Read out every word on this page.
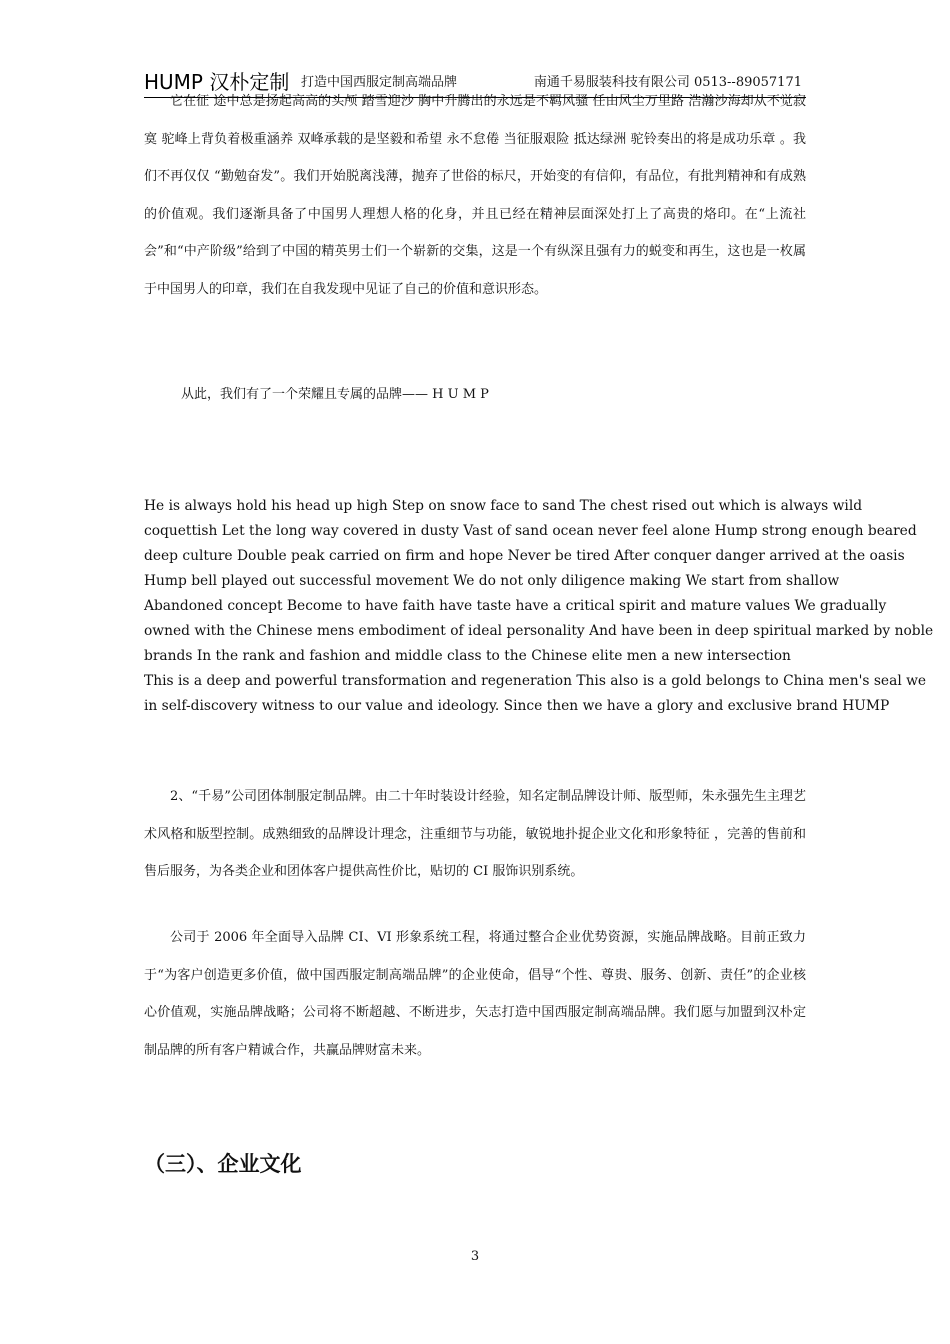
HUMP 汉朴定制 打造中国西服定制高端品牌	南通千易服装科技有限公司 0513--89057171

它在征 途中总是扬起高高的头颅 踏雪迎沙 胸中升腾出的永远是不羁风骚 任由风尘万里路 浩瀚沙海却从不觉寂寞 驼峰上背负着极重涵养 双峰承载的是坚毅和希望 永不怠倦 当征服艰险 抵达绿洲 驼铃奏出的将是成功乐章 。我们不再仅仅 “勤勉奋发”。我们开始脱离浅薄，抛弃了世俗的标尺，开始变的有信仰，有品位，有批判精神和有成熟的价值观。我们逐渐具备了中国男人理想人格的化身，并且已经在精神层面深处打上了高贵的烙印。在“上流社会”和“中产阶级”给到了中国的精英男士们一个崭新的交集，这是一个有纵深且强有力的蜕变和再生，这也是一枚属于中国男人的印章，我们在自我发现中见证了自己的价值和意识形态。

从此，我们有了一个荣耀且专属的品牌—— H U M P
He is always hold his head up high Step on snow face to sand The chest rised out which is always wild
coquettish Let the long way covered in dusty Vast of sand ocean never feel alone Hump strong enough beared
deep culture Double peak carried on firm and hope Never be tired After conquer danger arrived at the oasis
Hump bell played out successful movement We do not only diligence making We start from shallow
Abandoned concept Become to have faith have taste have a critical spirit and mature values We gradually
owned with the Chinese mens embodiment of ideal personality And have been in deep spiritual marked by noble
brands In the rank and fashion and middle class to the Chinese elite men a new intersection
This is a deep and powerful transformation and regeneration This also is a gold belongs to China men's seal we
in self-discovery witness to our value and ideology. Since then we have a glory and exclusive brand HUMP

2、“千易”公司团体制服定制品牌。由二十年时装设计经验，知名定制品牌设计师、版型师，朱永强先生主理艺术风格和版型控制。成熟细致的品牌设计理念，注重细节与功能，敏锐地扑捉企业文化和形象特征 ，完善的售前和售后服务，为各类企业和团体客户提供高性价比，贴切的 CI 服饰识别系统。

公司于 2006 年全面导入品牌 CI、VI 形象系统工程，将通过整合企业优势资源，实施品牌战略。目前正致力于“为客户创造更多价值，做中国西服定制高端品牌”的企业使命，倡导“个性、尊贵、服务、创新、责任”的企业核心价值观，实施品牌战略；公司将不断超越、不断进步，矢志打造中国西服定制高端品牌。我们愿与加盟到汉朴定制品牌的所有客户精诚合作，共赢品牌财富未来。

（三）、企业文化
3
